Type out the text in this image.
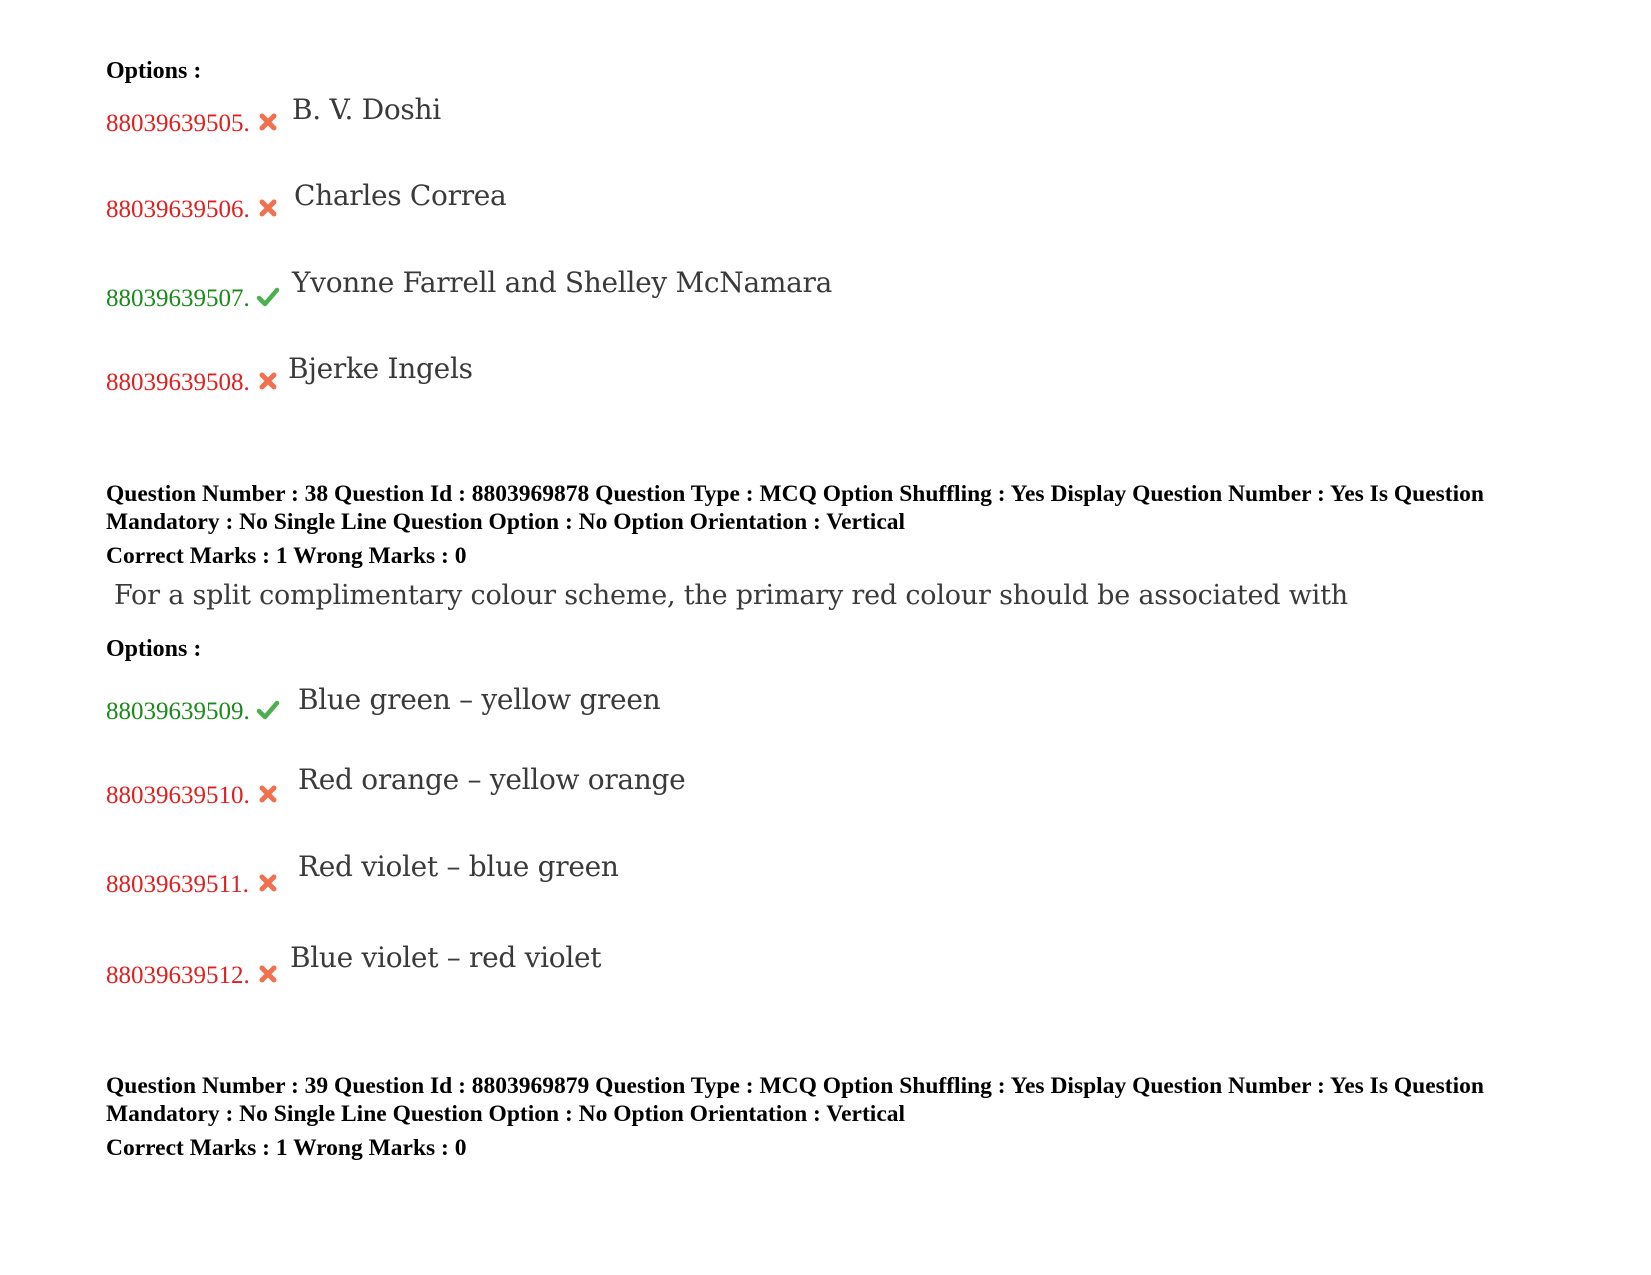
Options :
88039639505. B. V. Doshi
88039639506. Charles Correa
88039639507. Yvonne Farrell and Shelley McNamara
88039639508. Bjerke Ingels
Question Number : 38 Question Id : 8803969878 Question Type : MCQ Option Shuffling : Yes Display Question Number : Yes Is Question Mandatory : No Single Line Question Option : No Option Orientation : Vertical
Correct Marks : 1 Wrong Marks : 0
For a split complimentary colour scheme, the primary red colour should be associated with
Options :
88039639509. Blue green – yellow green
88039639510. Red orange – yellow orange
88039639511.
Red violet – blue green
88039639512.
Blue violet – red violet
Question Number : 39 Question Id : 8803969879 Question Type : MCQ Option Shuffling : Yes Display Question Number : Yes Is Question Mandatory : No Single Line Question Option : No Option Orientation : Vertical
Correct Marks : 1 Wrong Marks : 0
